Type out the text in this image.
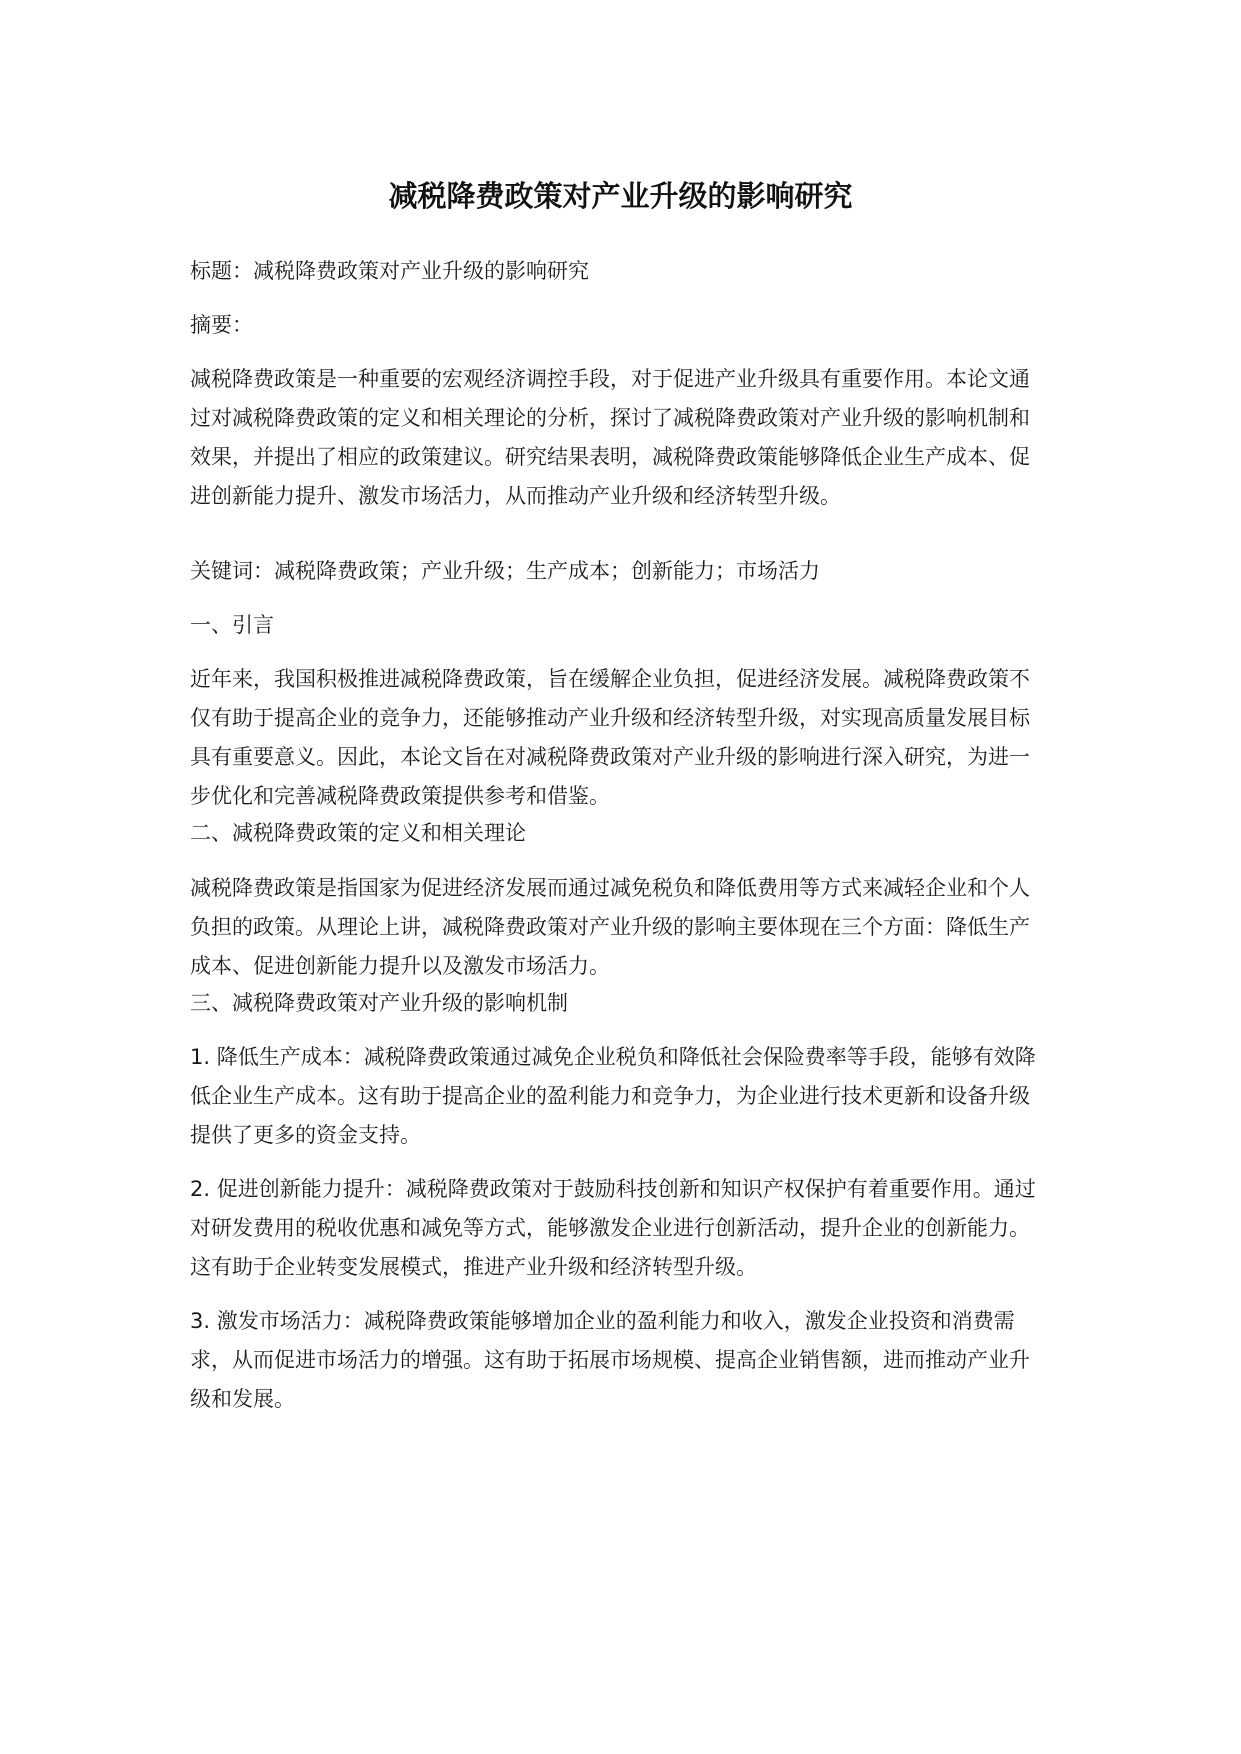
减税降费政策对产业升级的影响研究

标题：减税降费政策对产业升级的影响研究

摘要：

减税降费政策是一种重要的宏观经济调控手段，对于促进产业升级具有重要作用。本论文通过对减税降费政策的定义和相关理论的分析，探讨了减税降费政策对产业升级的影响机制和效果，并提出了相应的政策建议。研究结果表明，减税降费政策能够降低企业生产成本、促进创新能力提升、激发市场活力，从而推动产业升级和经济转型升级。

关键词：减税降费政策；产业升级；生产成本；创新能力；市场活力

一、引言

近年来，我国积极推进减税降费政策，旨在缓解企业负担，促进经济发展。减税降费政策不仅有助于提高企业的竞争力，还能够推动产业升级和经济转型升级，对实现高质量发展目标具有重要意义。因此，本论文旨在对减税降费政策对产业升级的影响进行深入研究，为进一步优化和完善减税降费政策提供参考和借鉴。

二、减税降费政策的定义和相关理论

减税降费政策是指国家为促进经济发展而通过减免税负和降低费用等方式来减轻企业和个人负担的政策。从理论上讲，减税降费政策对产业升级的影响主要体现在三个方面：降低生产成本、促进创新能力提升以及激发市场活力。

三、减税降费政策对产业升级的影响机制

1. 降低生产成本：减税降费政策通过减免企业税负和降低社会保险费率等手段，能够有效降低企业生产成本。这有助于提高企业的盈利能力和竞争力，为企业进行技术更新和设备升级提供了更多的资金支持。

2. 促进创新能力提升：减税降费政策对于鼓励科技创新和知识产权保护有着重要作用。通过对研发费用的税收优惠和减免等方式，能够激发企业进行创新活动，提升企业的创新能力。这有助于企业转变发展模式，推进产业升级和经济转型升级。

3. 激发市场活力：减税降费政策能够增加企业的盈利能力和收入，激发企业投资和消费需求，从而促进市场活力的增强。这有助于拓展市场规模、提高企业销售额，进而推动产业升级和发展。
